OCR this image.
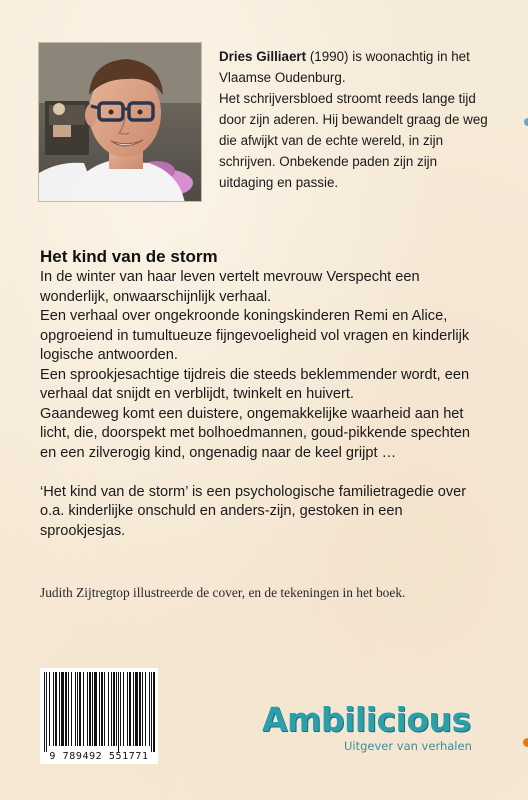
Dries Gilliaert (1990) is woonachtig in het Vlaamse Oudenburg.

Het schrijversbloed stroomt reeds lange tijd door zijn aderen. Hij bewandelt graag de weg die afwijkt van de echte wereld, in zijn schrijven. Onbekende paden zijn zijn uitdaging en passie.

Het kind van de storm

In de winter van haar leven vertelt mevrouw Verspecht een wonderlijk, onwaarschijnlijk verhaal.

Een verhaal over ongekroonde koningskinderen Remi en Alice, opgroeiend in tumultueuze fijngevoeligheid vol vragen en kinderlijk logische antwoorden.

Een sprookjesachtige tijdreis die steeds beklemmender wordt, een verhaal dat snijdt en verblijdt, twinkelt en huivert.

Gaandeweg komt een duistere, ongemakkelijke waarheid aan het licht, die, doorspekt met bolhoedmannen, goud-pikkende spechten en een zilverogig kind, ongenadig naar de keel grijpt …

‘Het kind van de storm’ is een psychologische familietragedie over o.a. kinderlijke onschuld en anders-zijn, gestoken in een sprookjesjas.

Judith Zijtregtop illustreerde de cover, en de tekeningen in het boek.
9 789492 551771
Ambilicious
Uitgever van verhalen
